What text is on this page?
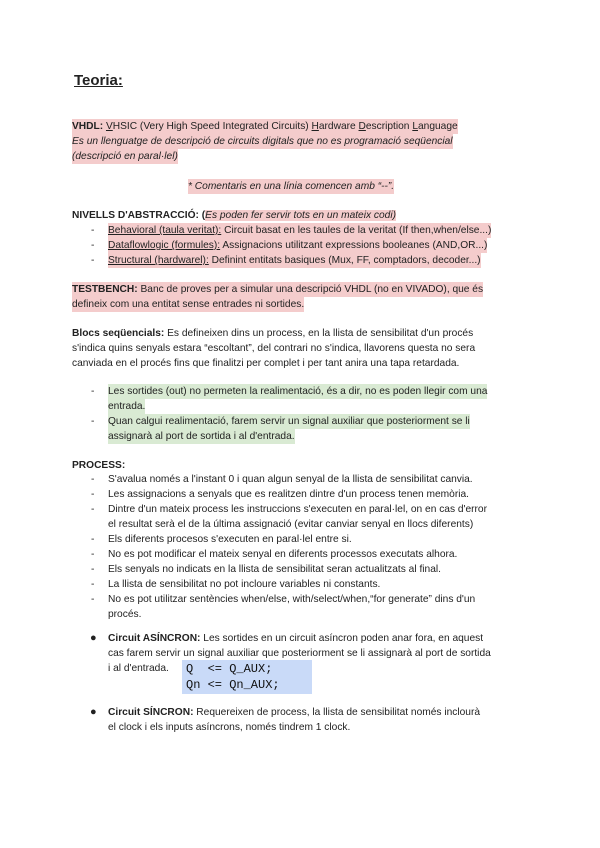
Teoria:
VHDL: VHSIC (Very High Speed Integrated Circuits) Hardware Description Language
Es un llenguatge de descripció de circuits digitals que no es programació seqüencial
(descripció en paral·lel)
* Comentaris en una línia comencen amb “--”.
NIVELLS D'ABSTRACCIÓ: (Es poden fer servir tots en un mateix codi)
- Behavioral (taula veritat): Circuit basat en les taules de la veritat (If then,when/else...)
- Dataflowlogic (formules): Assignacions utilitzant expressions booleanes (AND,OR...)
- Structural (hardwarel): Definint entitats basiques (Mux, FF, comptadors, decoder...)
TESTBENCH: Banc de proves per a simular una descripció VHDL (no en VIVADO), que és
defineix com una entitat sense entrades ni sortides.
Blocs seqüencials: Es defineixen dins un process, en la llista de sensibilitat d'un procés
s'indica quins senyals estara “escoltant”, del contrari no s'indica, llavorens questa no sera
canviada en el procés fins que finalitzi per complet i per tant anira una tapa retardada.
- Les sortides (out) no permeten la realimentació, és a dir, no es poden llegir com una
entrada.
- Quan calgui realimentació, farem servir un signal auxiliar que posteriorment se li
assignarà al port de sortida i al d'entrada.
PROCESS:
- S'avalua només a l'instant 0 i quan algun senyal de la llista de sensibilitat canvia.
- Les assignacions a senyals que es realitzen dintre d'un process tenen memòria.
- Dintre d'un mateix process les instruccions s'executen en paral·lel, on en cas d'error
el resultat serà el de la última assignació (evitar canviar senyal en llocs diferents)
- Els diferents procesos s'executen en paral·lel entre si.
- No es pot modificar el mateix senyal en diferents processos executats alhora.
- Els senyals no indicats en la llista de sensibilitat seran actualitzats al final.
- La llista de sensibilitat no pot incloure variables ni constants.
- No es pot utilitzar sentències when/else, with/select/when,“for generate” dins d'un
procés.
● Circuit ASÍNCRON: Les sortides en un circuit asíncron poden anar fora, en aquest
cas farem servir un signal auxiliar que posteriorment se li assignarà al port de sortida
i al d'entrada. Q  <= Q_AUX;
Qn <= Qn_AUX;
● Circuit SÍNCRON: Requereixen de process, la llista de sensibilitat només inclourà
el clock i els inputs asíncrons, només tindrem 1 clock.
